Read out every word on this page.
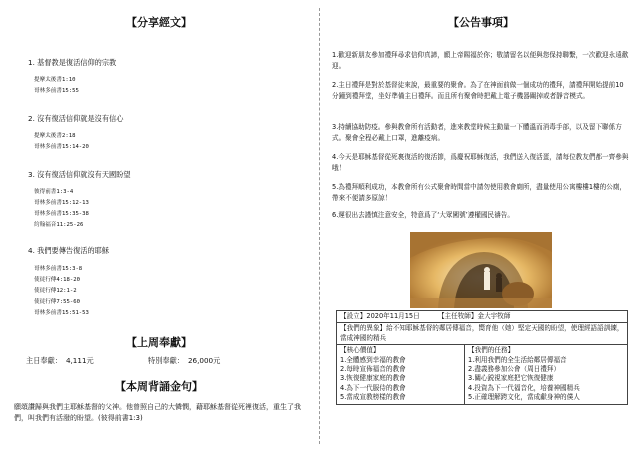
【分享經文】
1. 基督教是復活信仰的宗教
提摩太後書1:10
哥林多前書15:55
2. 沒有復活信仰就是沒有信心
提摩太後書2:18
哥林多前書15:14-20
3. 沒有復活信仰就沒有天國盼望
彼得前書1:3-4
哥林多前書15:12-13
哥林多前書15:35-38
約翰福音11:25-26
4. 我們要傳告復活的耶穌
哥林多前書15:3-8
使徒行傳4:18-20
使徒行傳12:1-2
使徒行傳7:55-60
哥林多前書15:51-53
【上周奉獻】
主日奉獻： 4,111元	特別奉獻： 26,000元
【本周背誦金句】
願頌讚歸與我們主耶穌基督的父神。他曾照自己的大憐憫，藉耶穌基督從死裡復活，重生了我們，叫我們有活潑的盼望。(彼得前書1:3)
【公告事項】
1.歡迎新朋友參加禮拜尋求信仰真諦，願上帝賜福於你；敬請留名以便與您保持聯繫，一次歡迎永遠歡迎。
2.主日禮拜是對於基督徒來說，最重要的聚會。為了在神面前做一個成功的禮拜，請禮拜開始提前10分鐘到禮拜堂，坐好準備主日禮拜。而且所有聚會時把戴上電子機器關掉或者靜音模式。
3.持續協助防疫。參與教會所有活動者，進來教堂時候主動量一下體溫而消毒手部，以及留下聯係方式。聚會全程必戴上口罩，進離疫病。
4.今天是耶穌基督從死裏復活的復活節，爲慶祝耶穌復活，我們送入復活蛋，請每位教友們都一齊參與哦！
5.為禮拜順利成功，本教會所有公式聚會時間當中請勿使用教會廁所，盡量使用公寓樓樓1樓的公廁，帶來不便請多原諒！
6.遲很出去謹慎注意安全，特意爲了‘大眾闖號’遵權國民禱告。
【設立】2020年11月15日	【主任牧師】金大宇牧師
【我們的異象】給不知耶穌基督的鄰居傳福音，嚮育他（她）堅定天國的盼望，使理經語語訓練，當成神國的精兵

【核心價值】
1.全體感到幸福的教會
2.每時宣佈福音的教會
3.恢復健康家庭的教會
4.為下一代服侍的教會
5.當成宣教榜樣的教會

【我們的任務】
1.利用我們的全生活給鄰居傳福音
2.盡義務參加公會（周日禮拜）
3.關心鋭視家庭把它恢復健康
4.投資為下一代福音化，培養神國精兵
5.正確理解跨文化，當成獻身神的僕人
